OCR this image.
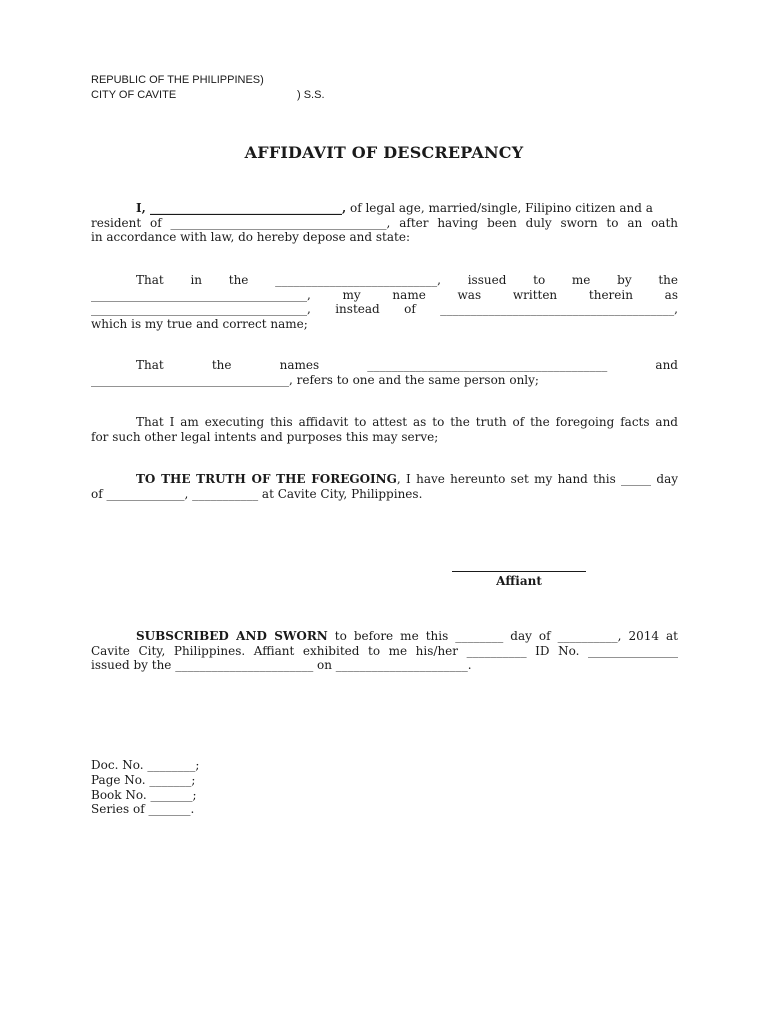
REPUBLIC OF THE PHILIPPINES)
CITY OF CAVITE	) S.S.
AFFIDAVIT OF DESCREPANCY
I, ________________________________, of legal age, married/single, Filipino citizen and a
resident of ____________________________________, after having been duly sworn to an oath
in accordance with law, do hereby depose and state:
That in the ___________________________, issued to me by the
____________________________________, my name was written therein as
____________________________________, instead of _______________________________________,
which is my true and correct name;
That the names ________________________________________ and
_________________________________, refers to one and the same person only;
That I am executing this affidavit to attest as to the truth of the foregoing facts and
for such other legal intents and purposes this may serve;
TO THE TRUTH OF THE FOREGOING, I have hereunto set my hand this _____ day
of _____________, ___________ at Cavite City, Philippines.
Affiant
SUBSCRIBED AND SWORN to before me this ________ day of __________, 2014 at
Cavite City, Philippines. Affiant exhibited to me his/her __________ ID No. _______________
issued by the _______________________ on ______________________.
Doc. No. ________;
Page No. _______;
Book No. _______;
Series of _______.
